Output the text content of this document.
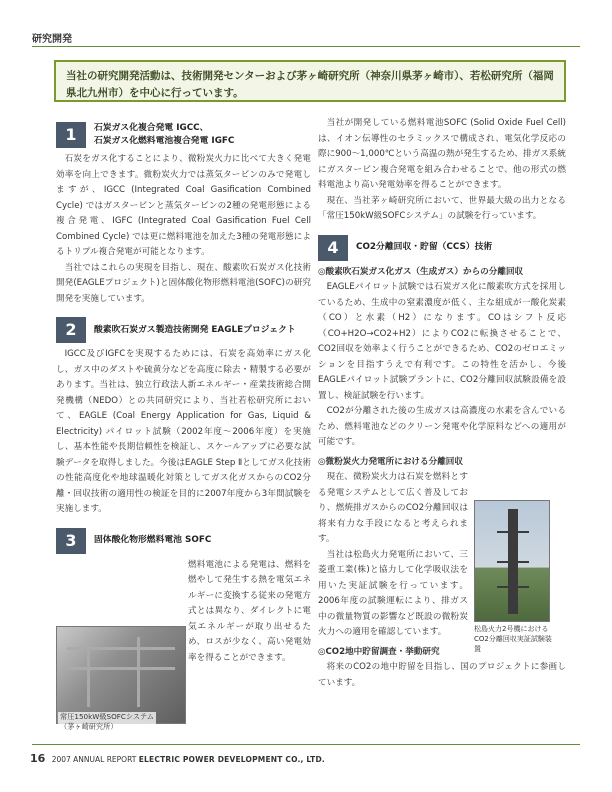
研究開発
当社の研究開発活動は、技術開発センターおよび茅ヶ崎研究所（神奈川県茅ヶ崎市）、若松研究所（福岡県北九州市）を中心に行っています。
1	石炭ガス化複合発電 IGCC、
石炭ガス化燃料電池複合発電 IGFC

石炭をガス化することにより、微粉炭火力に比べて大きく発電効率を向上できます。微粉炭火力では蒸気タービンのみで発電しますが、IGCC (Integrated Coal Gasification Combined Cycle) ではガスタービンと蒸気タービンの2種の発電形態による複合発電、IGFC (Integrated Coal Gasification Fuel Cell Combined Cycle) では更に燃料電池を加えた3種の発電形態によるトリプル複合発電が可能となります。

当社ではこれらの実現を目指し、現在、酸素吹石炭ガス化技術開発(EAGLEプロジェクト)と固体酸化物形燃料電池(SOFC)の研究開発を実施しています。

2	酸素吹石炭ガス製造技術開発 EAGLEプロジェクト

IGCC及びIGFCを実現するためには、石炭を高効率にガス化し、ガス中のダストや硫黄分などを高度に除去・精製する必要があります。当社は、独立行政法人新エネルギー・産業技術総合開発機構（NEDO）との共同研究により、当社若松研究所において、EAGLE (Coal Energy Application for Gas, Liquid & Electricity) パイロット試験（2002年度〜2006年度）を実施し、基本性能や長期信頼性を検証し、スケールアップに必要な試験データを取得しました。今後はEAGLE Step Ⅱとしてガス化技術の性能高度化や地球温暖化対策としてガス化ガスからのCO2分離・回収技術の適用性の検証を目的に2007年度から3年間試験を実施します。

3	固体酸化物形燃料電池 SOFC

燃料電池による発電は、燃料を燃やして発生する熱を電気エネルギーに変換する従来の発電方式とは異なり、ダイレクトに電気エネルギーが取り出せるため、ロスが少なく、高い発電効率を得ることができます。

常圧150kW級SOFCシステム
（茅ヶ崎研究所）

当社が開発している燃料電池SOFC (Solid Oxide Fuel Cell) は、イオン伝導性のセラミックスで構成され、電気化学反応の際に900〜1,000℃という高温の熱が発生するため、排ガス系統にガスタービン複合発電を組み合わせることで、他の形式の燃料電池より高い発電効率を得ることができます。

現在、当社茅ヶ崎研究所において、世界最大級の出力となる「常圧150kW級SOFCシステム」の試験を行っています。

4	CO2分離回収・貯留（CCS）技術
◎酸素吹石炭ガス化ガス（生成ガス）からの分離回収

EAGLEパイロット試験では石炭ガス化に酸素吹方式を採用しているため、生成中の窒素濃度が低く、主な組成が一酸化炭素（CO）と水素（H2）になります。COはシフト反応（CO+H2O→CO2+H2）によりCO2に転換させることで、CO2回収を効率よく行うことができるため、CO2のゼロエミッションを目指すうえで有利です。この特性を活かし、今後EAGLEパイロット試験プラントに、CO2分離回収試験設備を設置し、検証試験を行います。

CO2が分離された後の生成ガスは高濃度の水素を含んでいるため、燃料電池などのクリーン発電や化学原料などへの適用が可能です。

◎微粉炭火力発電所における分離回収

現在、微粉炭火力は石炭を燃料とする発電システムとして広く普及しており、燃焼排ガスからのCO2分離回収は将来有力な手段になると考えられます。

当社は松島火力発電所において、三菱重工業(株)と協力して化学吸収法を用いた実証試験を行っています。2006年度の試験運転により、排ガス中の微量物質の影響など既設の微粉炭火力への適用を確認しています。

◎CO2地中貯留調査・挙動研究

将来のCO2の地中貯留を目指し、国のプロジェクトに参画しています。

松島火力2号機におけるCO2分離回収実証試験装置
16 2007 ANNUAL REPORT ELECTRIC POWER DEVELOPMENT CO., LTD.
